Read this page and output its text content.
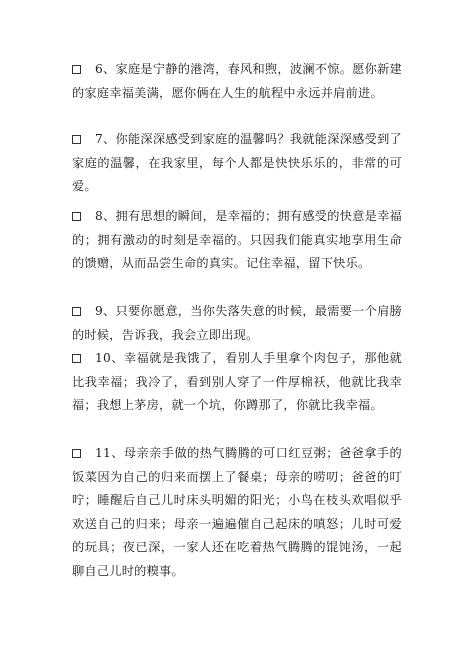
6、家庭是宁静的港湾，春风和煦，波澜不惊。愿你新建的家庭幸福美满，愿你俩在人生的航程中永远并肩前进。
7、你能深深感受到家庭的温馨吗？我就能深深感受到了家庭的温馨，在我家里，每个人都是快快乐乐的，非常的可爱。
8、拥有思想的瞬间，是幸福的；拥有感受的快意是幸福的；拥有激动的时刻是幸福的。只因我们能真实地享用生命的馈赠，从而品尝生命的真实。记住幸福，留下快乐。
9、只要你愿意，当你失落失意的时候，最需要一个肩膀的时候，告诉我，我会立即出现。
10、幸福就是我饿了，看别人手里拿个肉包子，那他就比我幸福；我冷了，看到别人穿了一件厚棉袄，他就比我幸福；我想上茅房，就一个坑，你蹲那了，你就比我幸福。
11、母亲亲手做的热气腾腾的可口红豆粥；爸爸拿手的饭菜因为自己的归来而摆上了餐桌；母亲的唠叨；爸爸的叮咛；睡醒后自己儿时床头明媚的阳光；小鸟在枝头欢唱似乎欢送自己的归来；母亲一遍遍催自己起床的嗔怒；儿时可爱的玩具；夜已深，一家人还在吃着热气腾腾的馄饨汤，一起聊自己儿时的糗事。
